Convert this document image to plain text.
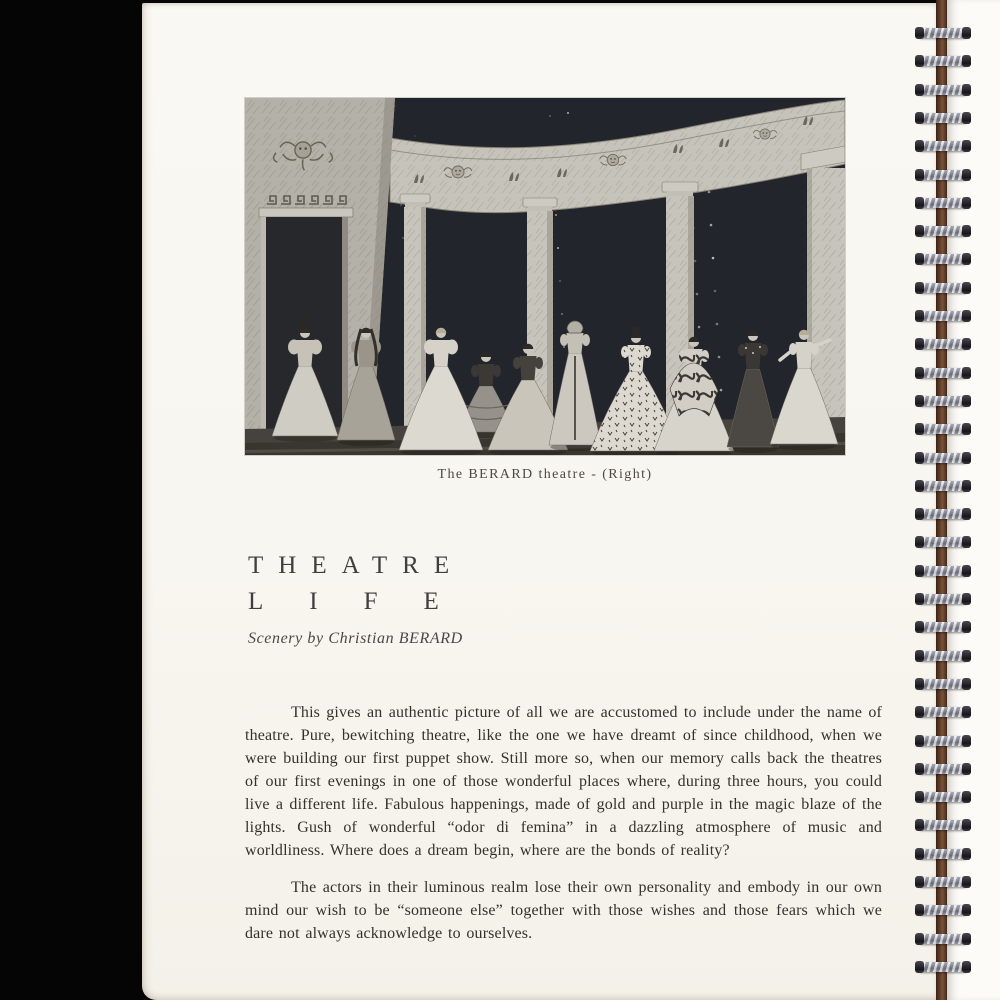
The BERARD theatre - (Right)
THEATRE
LIFE
Scenery by Christian BERARD

This gives an authentic picture of all we are accustomed to include under the name of theatre. Pure, bewitching theatre, like the one we have dreamt of since childhood, when we were building our first puppet show. Still more so, when our memory calls back the theatres of our first evenings in one of those wonderful places where, during three hours, you could live a different life. Fabulous happenings, made of gold and purple in the magic blaze of the lights. Gush of wonderful “odor di femina” in a dazzling atmosphere of music and worldliness. Where does a dream begin, where are the bonds of reality?

The actors in their luminous realm lose their own personality and embody in our own mind our wish to be “someone else” together with those wishes and those fears which we dare not always acknowledge to ourselves.
